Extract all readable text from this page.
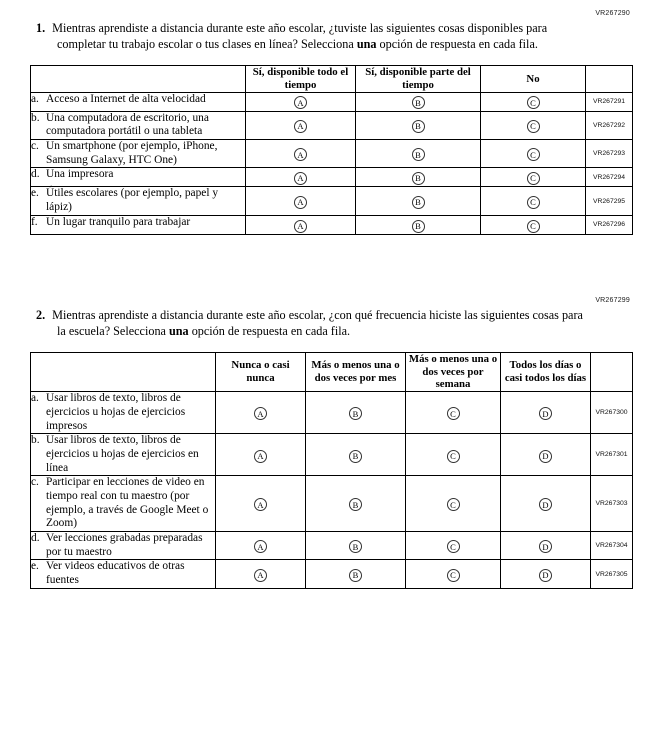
VR267290

1. Mientras aprendiste a distancia durante este año escolar, ¿tuviste las siguientes cosas disponibles para completar tu trabajo escolar o tus clases en línea? Selecciona una opción de respuesta en cada fila.

	Sí, disponible todo el tiempo	Sí, disponible parte del tiempo	No	

a. Acceso a Internet de alta velocidad	A	B	C	VR267291

b. Una computadora de escritorio, una computadora portátil o una tableta	A	B	C	VR267292

c. Un smartphone (por ejemplo, iPhone, Samsung Galaxy, HTC One)	A	B	C	VR267293

d. Una impresora	A	B	C	VR267294

e. Útiles escolares (por ejemplo, papel y lápiz)	A	B	C	VR267295

f. Un lugar tranquilo para trabajar	A	B	C	VR267296
VR267299

2. Mientras aprendiste a distancia durante este año escolar, ¿con qué frecuencia hiciste las siguientes cosas para la escuela? Selecciona una opción de respuesta en cada fila.

	Nunca o casi nunca	Más o menos una o dos veces por mes	Más o menos una o dos veces por semana	Todos los días o casi todos los días	

a. Usar libros de texto, libros de ejercicios u hojas de ejercicios impresos	A	B	C	D	VR267300

b. Usar libros de texto, libros de ejercicios u hojas de ejercicios en línea	A	B	C	D	VR267301

c. Participar en lecciones de video en tiempo real con tu maestro (por ejemplo, a través de Google Meet o Zoom)	A	B	C	D	VR267303

d. Ver lecciones grabadas preparadas por tu maestro	A	B	C	D	VR267304

e. Ver videos educativos de otras fuentes	A	B	C	D	VR267305
